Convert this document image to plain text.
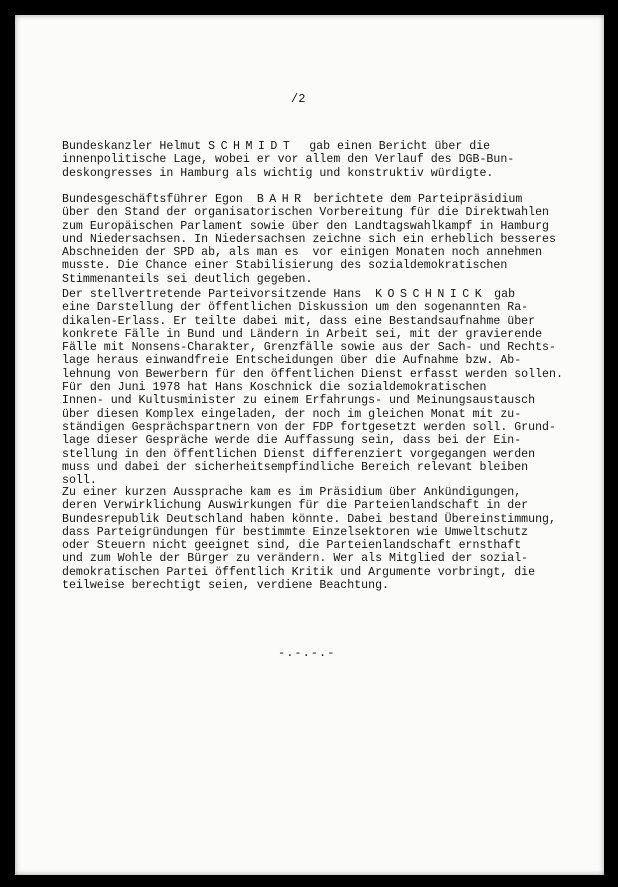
/2

Bundeskanzler Helmut SCHMIDT  gab einen Bericht über die
innenpolitische Lage, wobei er vor allem den Verlauf des DGB-Bun-
deskongresses in Hamburg als wichtig und konstruktiv würdigte.

Bundesgeschäftsführer Egon  BAHR berichtete dem Parteipräsidium
über den Stand der organisatorischen Vorbereitung für die Direktwahlen
zum Europäischen Parlament sowie über den Landtagswahlkampf in Hamburg
und Niedersachsen. In Niedersachsen zeichne sich ein erheblich besseres
Abschneiden der SPD ab, als man es  vor einigen Monaten noch annehmen
musste. Die Chance einer Stabilisierung des sozialdemokratischen
Stimmenanteils sei deutlich gegeben.

Der stellvertretende Parteivorsitzende Hans  KOSCHNICK gab
eine Darstellung der öffentlichen Diskussion um den sogenannten Ra-
dikalen-Erlass. Er teilte dabei mit, dass eine Bestandsaufnahme über
konkrete Fälle in Bund und Ländern in Arbeit sei, mit der gravierende
Fälle mit Nonsens-Charakter, Grenzfälle sowie aus der Sach- und Rechts-
lage heraus einwandfreie Entscheidungen über die Aufnahme bzw. Ab-
lehnung von Bewerbern für den öffentlichen Dienst erfasst werden sollen.
Für den Juni 1978 hat Hans Koschnick die sozialdemokratischen
Innen- und Kultusminister zu einem Erfahrungs- und Meinungsaustausch
über diesen Komplex eingeladen, der noch im gleichen Monat mit zu-
ständigen Gesprächspartnern von der FDP fortgesetzt werden soll. Grund-
lage dieser Gespräche werde die Auffassung sein, dass bei der Ein-
stellung in den öffentlichen Dienst differenziert vorgegangen werden
muss und dabei der sicherheitsempfindliche Bereich relevant bleiben
soll.

Zu einer kurzen Aussprache kam es im Präsidium über Ankündigungen,
deren Verwirklichung Auswirkungen für die Parteienlandschaft in der
Bundesrepublik Deutschland haben könnte. Dabei bestand Übereinstimmung,
dass Parteigründungen für bestimmte Einzelsektoren wie Umweltschutz
oder Steuern nicht geeignet sind, die Parteienlandschaft ernsthaft
und zum Wohle der Bürger zu verändern. Wer als Mitglied der sozial-
demokratischen Partei öffentlich Kritik und Argumente vorbringt, die
teilweise berechtigt seien, verdiene Beachtung.

-.-.-.-
